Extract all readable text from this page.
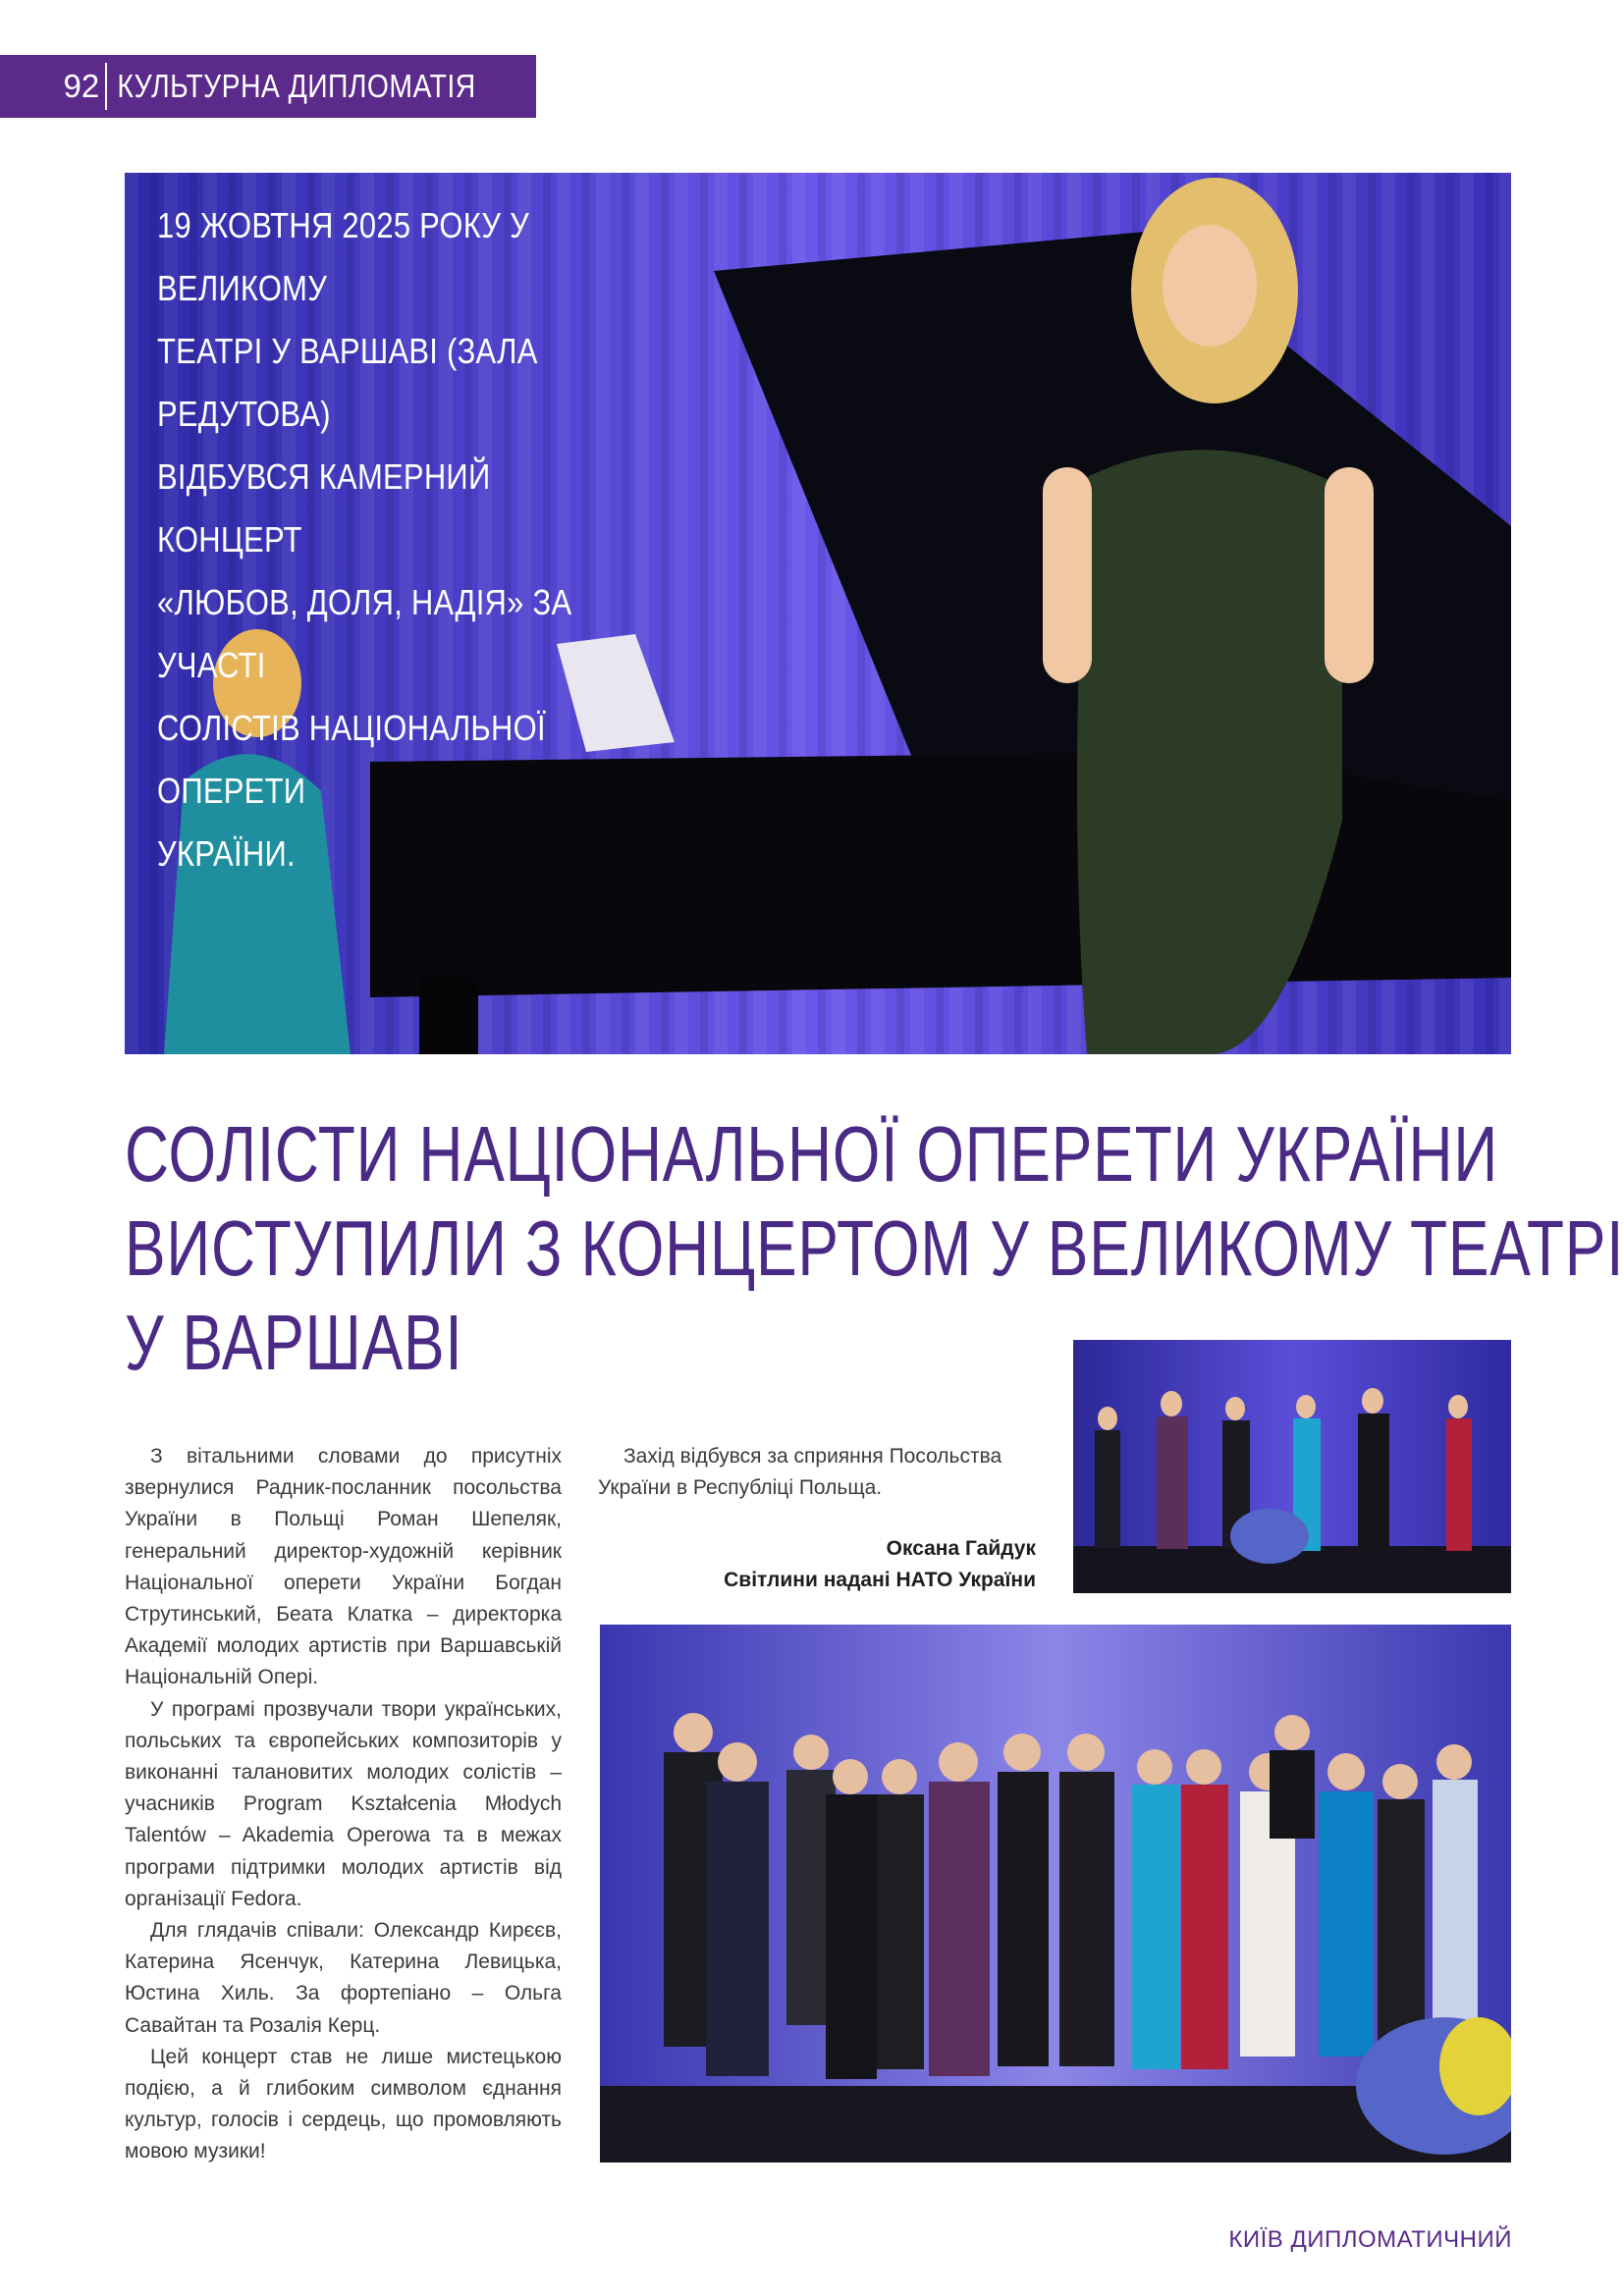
92 КУЛЬТУРНА ДИПЛОМАТІЯ
19 ЖОВТНЯ 2025 РОКУ У ВЕЛИКОМУ
ТЕАТРІ У ВАРШАВІ (ЗАЛА РЕДУТОВА)
ВІДБУВСЯ КАМЕРНИЙ КОНЦЕРТ
«ЛЮБОВ, ДОЛЯ, НАДІЯ» ЗА УЧАСТІ
СОЛІСТІВ НАЦІОНАЛЬНОЇ ОПЕРЕТИ
УКРАЇНИ.
СОЛІСТИ НАЦІОНАЛЬНОЇ ОПЕРЕТИ УКРАЇНИ
ВИСТУПИЛИ З КОНЦЕРТОМ У ВЕЛИКОМУ ТЕАТРІ
У ВАРШАВІ

З вітальними словами до присутніх звернулися Радник-посланник посольства України в Польщі Роман Шепеляк, генеральний директор-художній керівник Національної оперети України Богдан Струтинський, Беата Клатка – директорка Академії молодих артистів при Варшавській Національній Опері.

У програмі прозвучали твори українських, польських та європейських композиторів у виконанні талановитих молодих солістів – учасників Program Kształcenia Młodych Talentów – Akademia Operowa та в межах програми підтримки молодих артистів від організації Fedora.

Для глядачів співали: Олександр Кирєєв, Катерина Ясенчук, Катерина Левицька, Юстина Хиль. За фортепіано – Ольга Савайтан та Розалія Керц.

Цей концерт став не лише мистецькою подією, а й глибоким символом єднання культур, голосів і сердець, що промовляють мовою музики!

Захід відбувся за сприяння Посольства України в Республіці Польща.

Оксана Гайдук
Світлини надані НАТО України
КИЇВ ДИПЛОМАТИЧНИЙ
